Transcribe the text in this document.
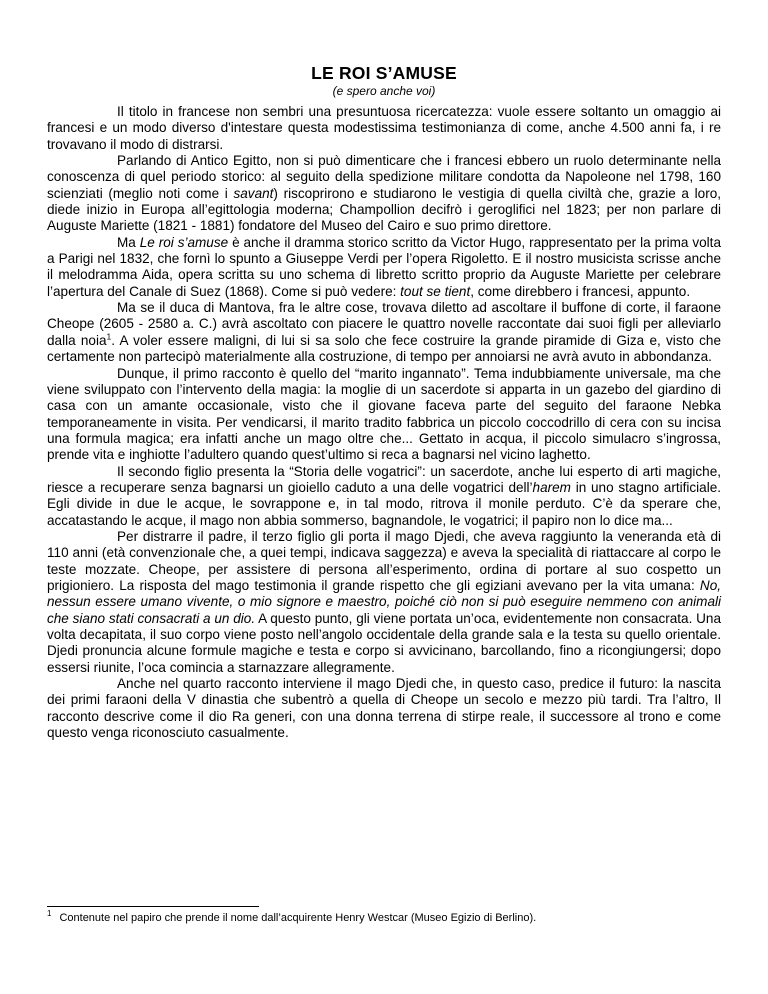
LE ROI S’AMUSE
(e spero anche voi)

Il titolo in francese non sembri una presuntuosa ricercatezza: vuole essere soltanto un omaggio ai francesi e un modo diverso d'intestare questa modestissima testimonianza di come, anche 4.500 anni fa, i re trovavano il modo di distrarsi.

Parlando di Antico Egitto, non si può dimenticare che i francesi ebbero un ruolo determinante nella conoscenza di quel periodo storico: al seguito della spedizione militare condotta da Napoleone nel 1798, 160 scienziati (meglio noti come i savant) riscoprirono e studiarono le vestigia di quella civiltà che, grazie a loro, diede inizio in Europa all’egittologia moderna; Champollion decifrò i geroglifici nel 1823; per non parlare di Auguste Mariette (1821 - 1881) fondatore del Museo del Cairo e suo primo direttore.

Ma Le roi s’amuse è anche il dramma storico scritto da Victor Hugo, rappresentato per la prima volta a Parigi nel 1832, che fornì lo spunto a Giuseppe Verdi per l’opera Rigoletto. E il nostro musicista scrisse anche il melodramma Aida, opera scritta su uno schema di libretto scritto proprio da Auguste Mariette per celebrare l’apertura del Canale di Suez (1868). Come si può vedere: tout se tient, come direbbero i francesi, appunto.

Ma se il duca di Mantova, fra le altre cose, trovava diletto ad ascoltare il buffone di corte, il faraone Cheope (2605 - 2580 a. C.) avrà ascoltato con piacere le quattro novelle raccontate dai suoi figli per alleviarlo dalla noia$^1$. A voler essere maligni, di lui si sa solo che fece costruire la grande piramide di Giza e, visto che certamente non partecipò materialmente alla costruzione, di tempo per annoiarsi ne avrà avuto in abbondanza.

Dunque, il primo racconto è quello del “marito ingannato”. Tema indubbiamente universale, ma che viene sviluppato con l’intervento della magia: la moglie di un sacerdote si apparta in un gazebo del giardino di casa con un amante occasionale, visto che il giovane faceva parte del seguito del faraone Nebka temporaneamente in visita. Per vendicarsi, il marito tradito fabbrica un piccolo coccodrillo di cera con su incisa una formula magica; era infatti anche un mago oltre che... Gettato in acqua, il piccolo simulacro s’ingrossa, prende vita e inghiotte l’adultero quando quest’ultimo si reca a bagnarsi nel vicino laghetto.

Il secondo figlio presenta la “Storia delle vogatrici”: un sacerdote, anche lui esperto di arti magiche, riesce a recuperare senza bagnarsi un gioiello caduto a una delle vogatrici dell’harem in uno stagno artificiale. Egli divide in due le acque, le sovrappone e, in tal modo, ritrova il monile perduto. C’è da sperare che, accatastando le acque, il mago non abbia sommerso, bagnandole, le vogatrici; il papiro non lo dice ma...

Per distrarre il padre, il terzo figlio gli porta il mago Djedi, che aveva raggiunto la veneranda età di 110 anni (età convenzionale che, a quei tempi, indicava saggezza) e aveva la specialità di riattaccare al corpo le teste mozzate. Cheope, per assistere di persona all’esperimento, ordina di portare al suo cospetto un prigioniero. La risposta del mago testimonia il grande rispetto che gli egiziani avevano per la vita umana: No, nessun essere umano vivente, o mio signore e maestro, poiché ciò non si può eseguire nemmeno con animali che siano stati consacrati a un dio. A questo punto, gli viene portata un’oca, evidentemente non consacrata. Una volta decapitata, il suo corpo viene posto nell’angolo occidentale della grande sala e la testa su quello orientale. Djedi pronuncia alcune formule magiche e testa e corpo si avvicinano, barcollando, fino a ricongiungersi; dopo essersi riunite, l’oca comincia a starnazzare allegramente.

Anche nel quarto racconto interviene il mago Djedi che, in questo caso, predice il futuro: la nascita dei primi faraoni della V dinastia che subentrò a quella di Cheope un secolo e mezzo più tardi. Tra l’altro, Il racconto descrive come il dio Ra generi, con una donna terrena di stirpe reale, il successore al trono e come questo venga riconosciuto casualmente.

$^1$ Contenute nel papiro che prende il nome dall’acquirente Henry Westcar (Museo Egizio di Berlino).
